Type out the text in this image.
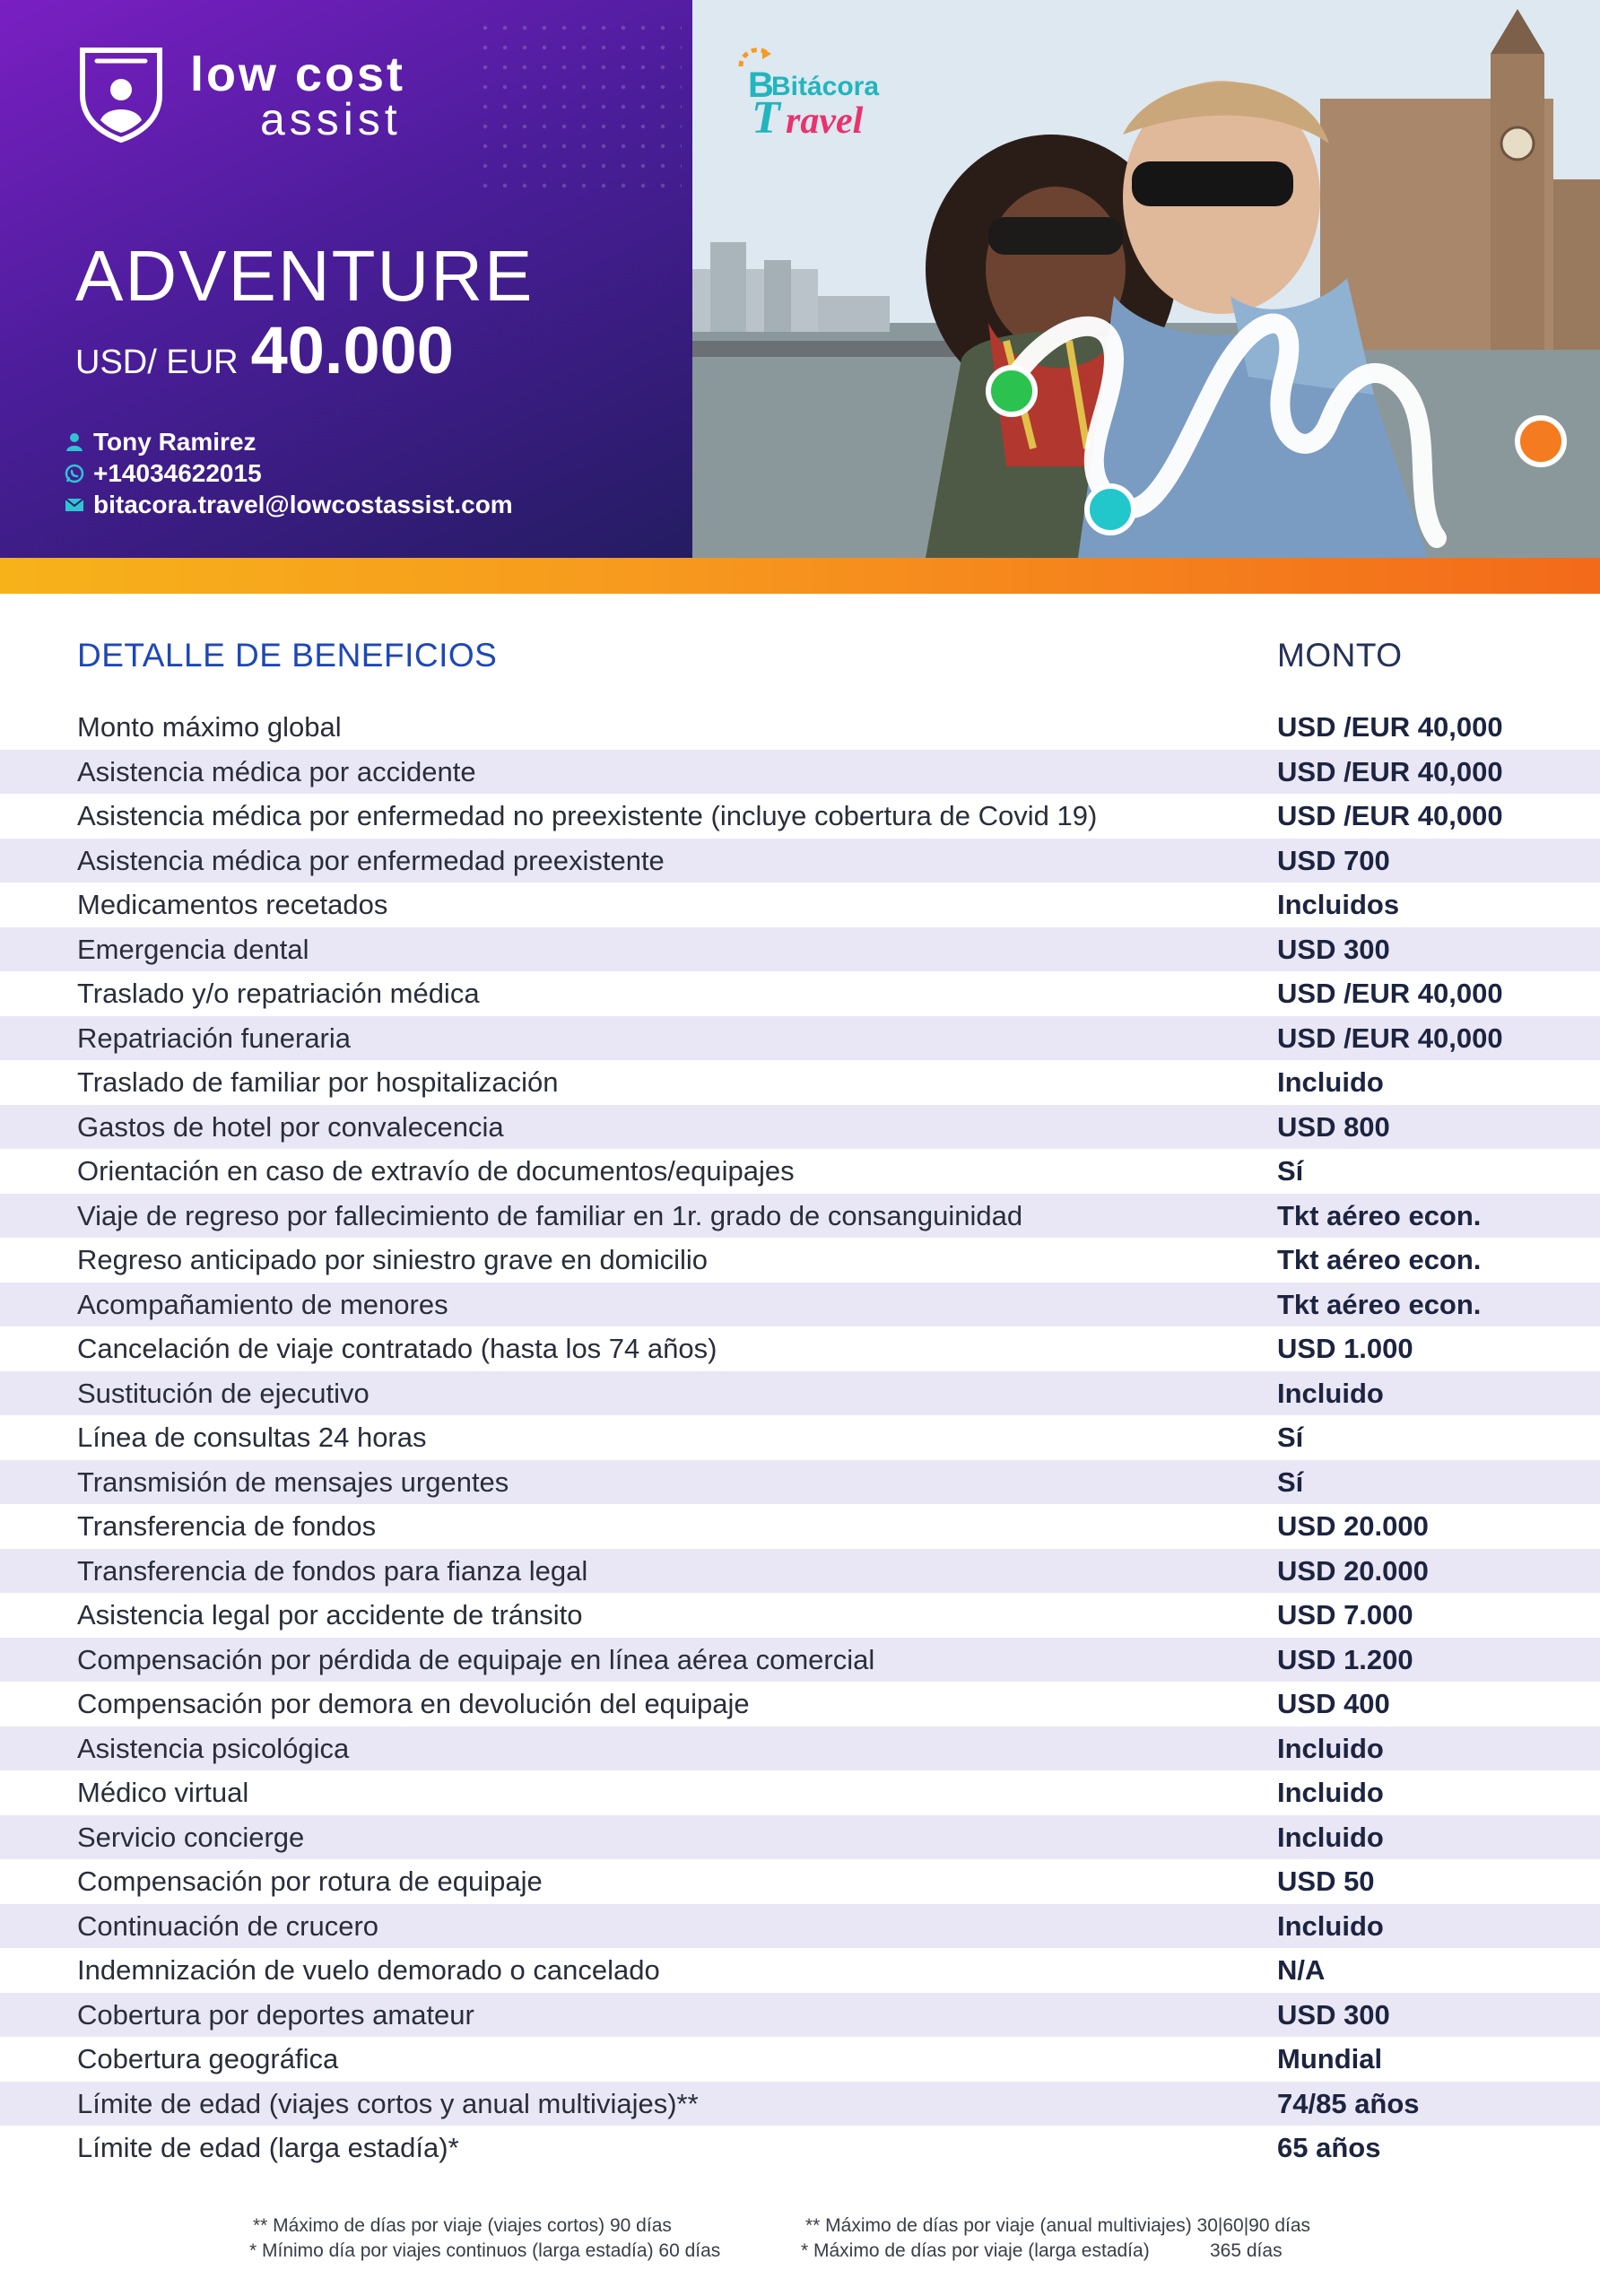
low cost
assist
ADVENTURE
USD/ EUR 40.000
Tony Ramirez
+14034622015
bitacora.travel@lowcostassist.com
B
Bitácora
T ravel
DETALLE DE BENEFICIOS	MONTO
Monto máximo global	USD /EUR 40,000
Asistencia médica por accidente	USD /EUR 40,000
Asistencia médica por enfermedad no preexistente (incluye cobertura de Covid 19)	USD /EUR 40,000
Asistencia médica por enfermedad preexistente	USD 700
Medicamentos recetados	Incluidos
Emergencia dental	USD 300
Traslado y/o repatriación médica	USD /EUR 40,000
Repatriación funeraria	USD /EUR 40,000
Traslado de familiar por hospitalización	Incluido
Gastos de hotel por convalecencia	USD 800
Orientación en caso de extravío de documentos/equipajes	Sí
Viaje de regreso por fallecimiento de familiar en 1r. grado de consanguinidad	Tkt aéreo econ.
Regreso anticipado por siniestro grave en domicilio	Tkt aéreo econ.
Acompañamiento de menores	Tkt aéreo econ.
Cancelación de viaje contratado (hasta los 74 años)	USD 1.000
Sustitución de ejecutivo	Incluido
Línea de consultas 24 horas	Sí
Transmisión de mensajes urgentes	Sí
Transferencia de fondos	USD 20.000
Transferencia de fondos para fianza legal	USD 20.000
Asistencia legal por accidente de tránsito	USD 7.000
Compensación por pérdida de equipaje en línea aérea comercial	USD 1.200
Compensación por demora en devolución del equipaje	USD 400
Asistencia psicológica	Incluido
Médico virtual	Incluido
Servicio concierge	Incluido
Compensación por rotura de equipaje	USD 50
Continuación de crucero	Incluido
Indemnización de vuelo demorado o cancelado	N/A
Cobertura por deportes amateur	USD 300
Cobertura geográfica	Mundial
Límite de edad (viajes cortos y anual multiviajes)**	74/85 años
Límite de edad (larga estadía)*	65 años
** Máximo de días por viaje (viajes cortos) 90 días
* Mínimo día por viajes continuos (larga estadía) 60 días
** Máximo de días por viaje (anual multiviajes) 30|60|90 días
* Máximo de días por viaje (larga estadía)	365 días
